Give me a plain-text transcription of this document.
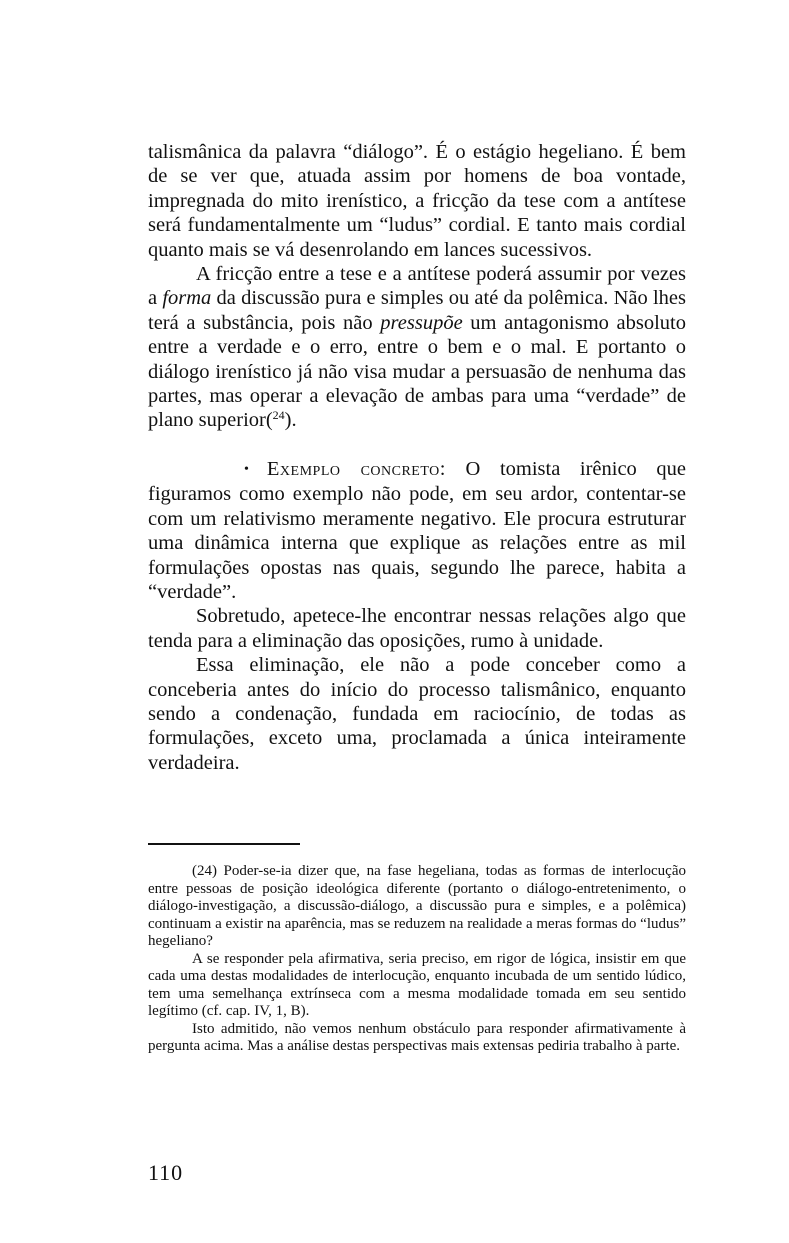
talismânica da palavra “diálogo”. É o estágio hegeliano. É bem de se ver que, atuada assim por homens de boa vontade, impregnada do mito irenístico, a fricção da tese com a antítese será fundamentalmente um “ludus” cordial. E tanto mais cordial quanto mais se vá desenrolando em lances sucessivos.

A fricção entre a tese e a antítese poderá assumir por vezes a forma da discussão pura e simples ou até da polêmica. Não lhes terá a substância, pois não pressupõe um antagonismo absoluto entre a verdade e o erro, entre o bem e o mal. E portanto o diálogo irenístico já não visa mudar a persuasão de nenhuma das partes, mas operar a elevação de ambas para uma “verdade” de plano superior($^{24}$).

• Exemplo concreto: O tomista irênico que figuramos como exemplo não pode, em seu ardor, contentar-se com um relativismo meramente negativo. Ele procura estruturar uma dinâmica interna que explique as relações entre as mil formulações opostas nas quais, segundo lhe parece, habita a “verdade”.

Sobretudo, apetece-lhe encontrar nessas relações algo que tenda para a eliminação das oposições, rumo à unidade.

Essa eliminação, ele não a pode conceber como a conceberia antes do início do processo talismânico, enquanto sendo a condenação, fundada em raciocínio, de todas as formulações, exceto uma, proclamada a única inteiramente verdadeira.

(24) Poder-se-ia dizer que, na fase hegeliana, todas as formas de interlocução entre pessoas de posição ideológica diferente (portanto o diálogo-entretenimento, o diálogo-investigação, a discussão-diálogo, a discussão pura e simples, e a polêmica) continuam a existir na aparência, mas se reduzem na realidade a meras formas do “ludus” hegeliano?

A se responder pela afirmativa, seria preciso, em rigor de lógica, insistir em que cada uma destas modalidades de interlocução, enquanto incubada de um sentido lúdico, tem uma semelhança extrínseca com a mesma modalidade tomada em seu sentido legítimo (cf. cap. IV, 1, B).

Isto admitido, não vemos nenhum obstáculo para responder afirmativamente à pergunta acima. Mas a análise destas perspectivas mais extensas pediria trabalho à parte.

110
